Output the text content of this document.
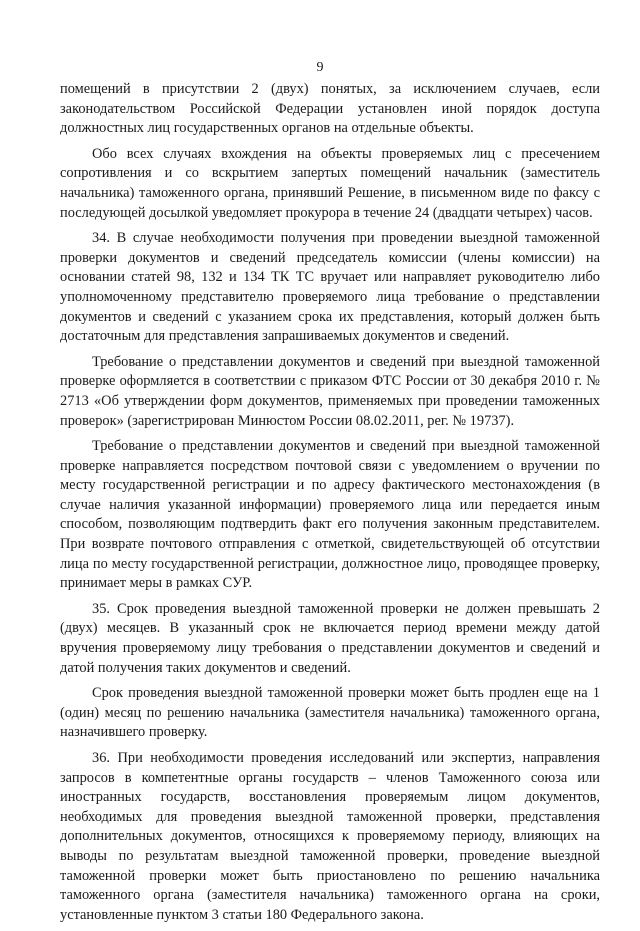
9

помещений в присутствии 2 (двух) понятых, за исключением случаев, если законодательством Российской Федерации установлен иной порядок доступа должностных лиц государственных органов на отдельные объекты.

Обо всех случаях вхождения на объекты проверяемых лиц с пресечением сопротивления и со вскрытием запертых помещений начальник (заместитель начальника) таможенного органа, принявший Решение, в письменном виде по факсу с последующей досылкой уведомляет прокурора в течение 24 (двадцати четырех) часов.

34. В случае необходимости получения при проведении выездной таможенной проверки документов и сведений председатель комиссии (члены комиссии) на основании статей 98, 132 и 134 ТК ТС вручает или направляет руководителю либо уполномоченному представителю проверяемого лица требование о представлении документов и сведений с указанием срока их представления, который должен быть достаточным для представления запрашиваемых документов и сведений.

Требование о представлении документов и сведений при выездной таможенной проверке оформляется в соответствии с приказом ФТС России от 30 декабря 2010 г. № 2713 «Об утверждении форм документов, применяемых при проведении таможенных проверок» (зарегистрирован Минюстом России 08.02.2011, рег. № 19737).

Требование о представлении документов и сведений при выездной таможенной проверке направляется посредством почтовой связи с уведомлением о вручении по месту государственной регистрации и по адресу фактического местонахождения (в случае наличия указанной информации) проверяемого лица или передается иным способом, позволяющим подтвердить факт его получения законным представителем. При возврате почтового отправления с отметкой, свидетельствующей об отсутствии лица по месту государственной регистрации, должностное лицо, проводящее проверку, принимает меры в рамках СУР.

35. Срок проведения выездной таможенной проверки не должен превышать 2 (двух) месяцев. В указанный срок не включается период времени между датой вручения проверяемому лицу требования о представлении документов и сведений и датой получения таких документов и сведений.

Срок проведения выездной таможенной проверки может быть продлен еще на 1 (один) месяц по решению начальника (заместителя начальника) таможенного органа, назначившего проверку.

36. При необходимости проведения исследований или экспертиз, направления запросов в компетентные органы государств – членов Таможенного союза или иностранных государств, восстановления проверяемым лицом документов, необходимых для проведения выездной таможенной проверки, представления дополнительных документов, относящихся к проверяемому периоду, влияющих на выводы по результатам выездной таможенной проверки, проведение выездной таможенной проверки может быть приостановлено по решению начальника таможенного органа (заместителя начальника) таможенного органа на сроки, установленные пунктом 3 статьи 180 Федерального закона.
